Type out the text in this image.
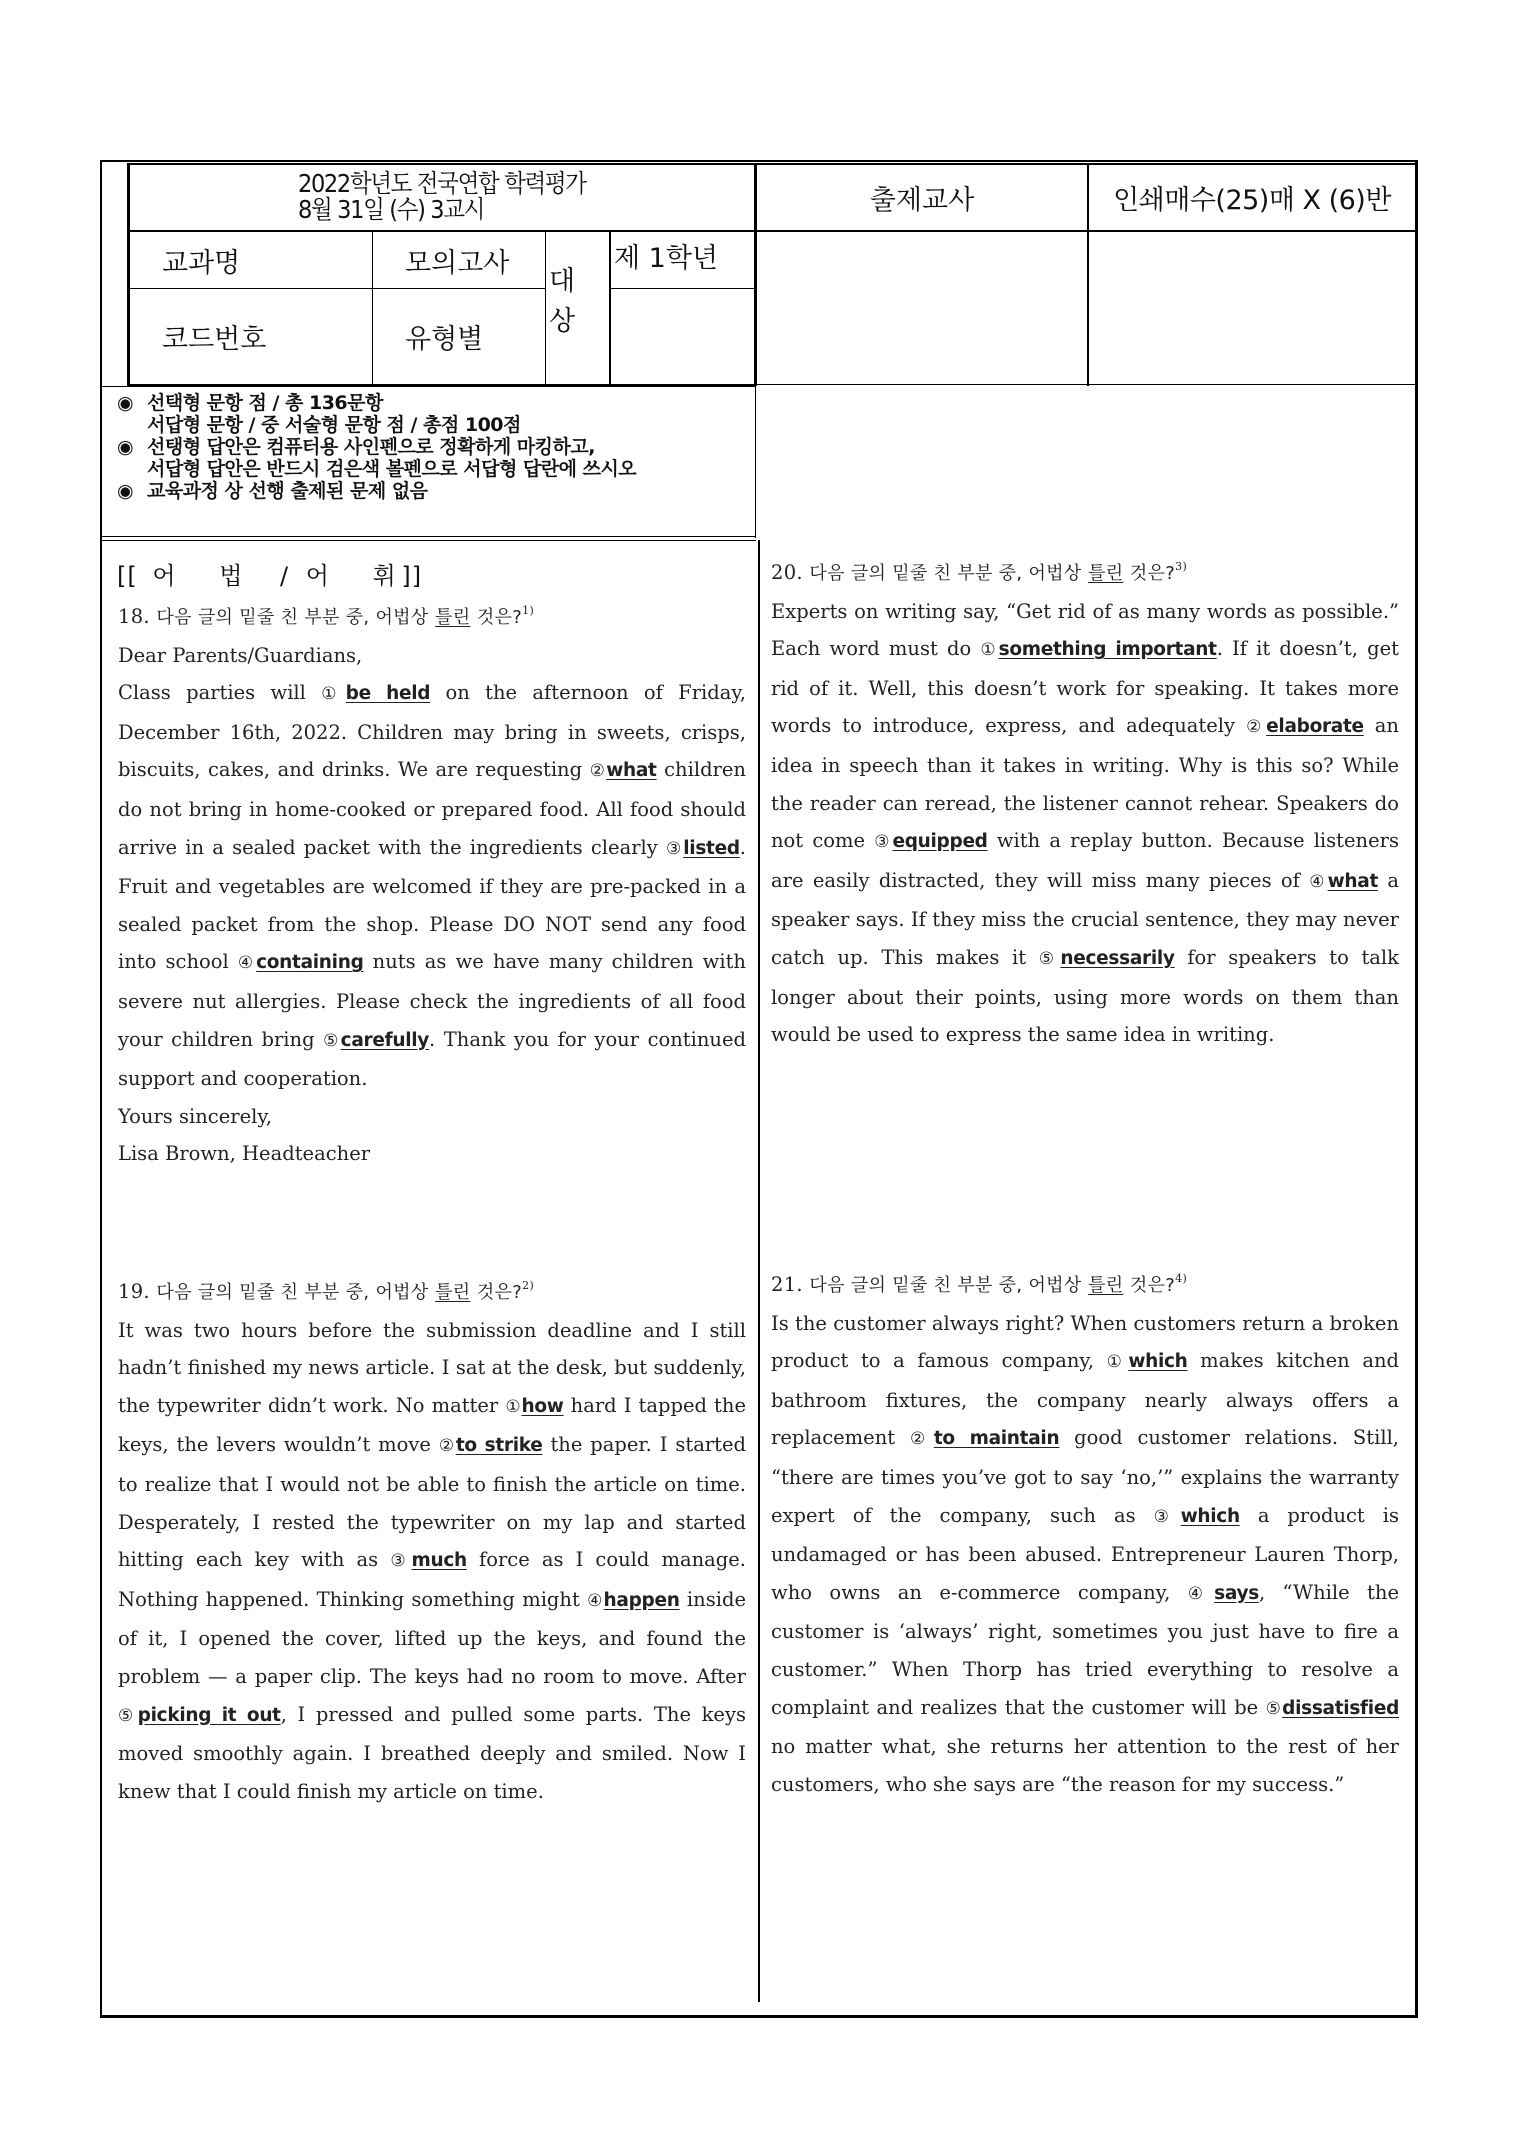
2022학년도 전국연합 학력평가
8월 31일 (수) 3교시
교과명	모의고사
코드번호	유형별
대
상
제 1학년
출제교사	인쇄매수(25)매 X (6)반
◉ 선택형 문항 점 / 총 136문항
서답형 문항 / 중 서술형 문항 점 / 총점 100점
◉ 선탱형 답안은 컴퓨터용 사인펜으로 정확하게 마킹하고,
서답형 답안은 반드시 검은색 볼펜으로 서답형 답란에 쓰시오
◉ 교육과정 상 선행 출제된 문제 없음
[[ 어 법 / 어 휘 ]]
18. 다음 글의 밑줄 친 부분 중, 어법상 틀린 것은?$^{1)}$

Dear Parents/Guardians,

Class parties will ①be held on the afternoon of Friday, December 16th, 2022. Children may bring in sweets, crisps, biscuits, cakes, and drinks. We are requesting ②what children do not bring in home-cooked or prepared food. All food should arrive in a sealed packet with the ingredients clearly ③listed. Fruit and vegetables are welcomed if they are pre-packed in a sealed packet from the shop. Please DO NOT send any food into school ④containing nuts as we have many children with severe nut allergies. Please check the ingredients of all food your children bring ⑤carefully. Thank you for your continued support and cooperation.

Yours sincerely,

Lisa Brown, Headteacher

19. 다음 글의 밑줄 친 부분 중, 어법상 틀린 것은?$^{2)}$

It was two hours before the submission deadline and I still hadn’t finished my news article. I sat at the desk, but suddenly, the typewriter didn’t work. No matter ①how hard I tapped the keys, the levers wouldn’t move ②to strike the paper. I started to realize that I would not be able to finish the article on time. Desperately, I rested the typewriter on my lap and started hitting each key with as ③much force as I could manage. Nothing happened. Thinking something might ④happen inside of it, I opened the cover, lifted up the keys, and found the problem — a paper clip. The keys had no room to move. After ⑤picking it out, I pressed and pulled some parts. The keys moved smoothly again. I breathed deeply and smiled. Now I knew that I could finish my article on time.

20. 다음 글의 밑줄 친 부분 중, 어법상 틀린 것은?$^{3)}$

Experts on writing say, “Get rid of as many words as possible.” Each word must do ①something important. If it doesn’t, get rid of it. Well, this doesn’t work for speaking. It takes more words to introduce, express, and adequately ②elaborate an idea in speech than it takes in writing. Why is this so? While the reader can reread, the listener cannot rehear. Speakers do not come ③equipped with a replay button. Because listeners are easily distracted, they will miss many pieces of ④what a speaker says. If they miss the crucial sentence, they may never catch up. This makes it ⑤necessarily for speakers to talk longer about their points, using more words on them than would be used to express the same idea in writing.

21. 다음 글의 밑줄 친 부분 중, 어법상 틀린 것은?$^{4)}$

Is the customer always right? When customers return a broken product to a famous company, ①which makes kitchen and bathroom fixtures, the company nearly always offers a replacement ②to maintain good customer relations. Still, “there are times you’ve got to say ‘no,’” explains the warranty expert of the company, such as ③which a product is undamaged or has been abused. Entrepreneur Lauren Thorp, who owns an e-commerce company, ④says, “While the customer is ‘always’ right, sometimes you just have to fire a customer.” When Thorp has tried everything to resolve a complaint and realizes that the customer will be ⑤dissatisfied no matter what, she returns her attention to the rest of her customers, who she says are “the reason for my success.”
